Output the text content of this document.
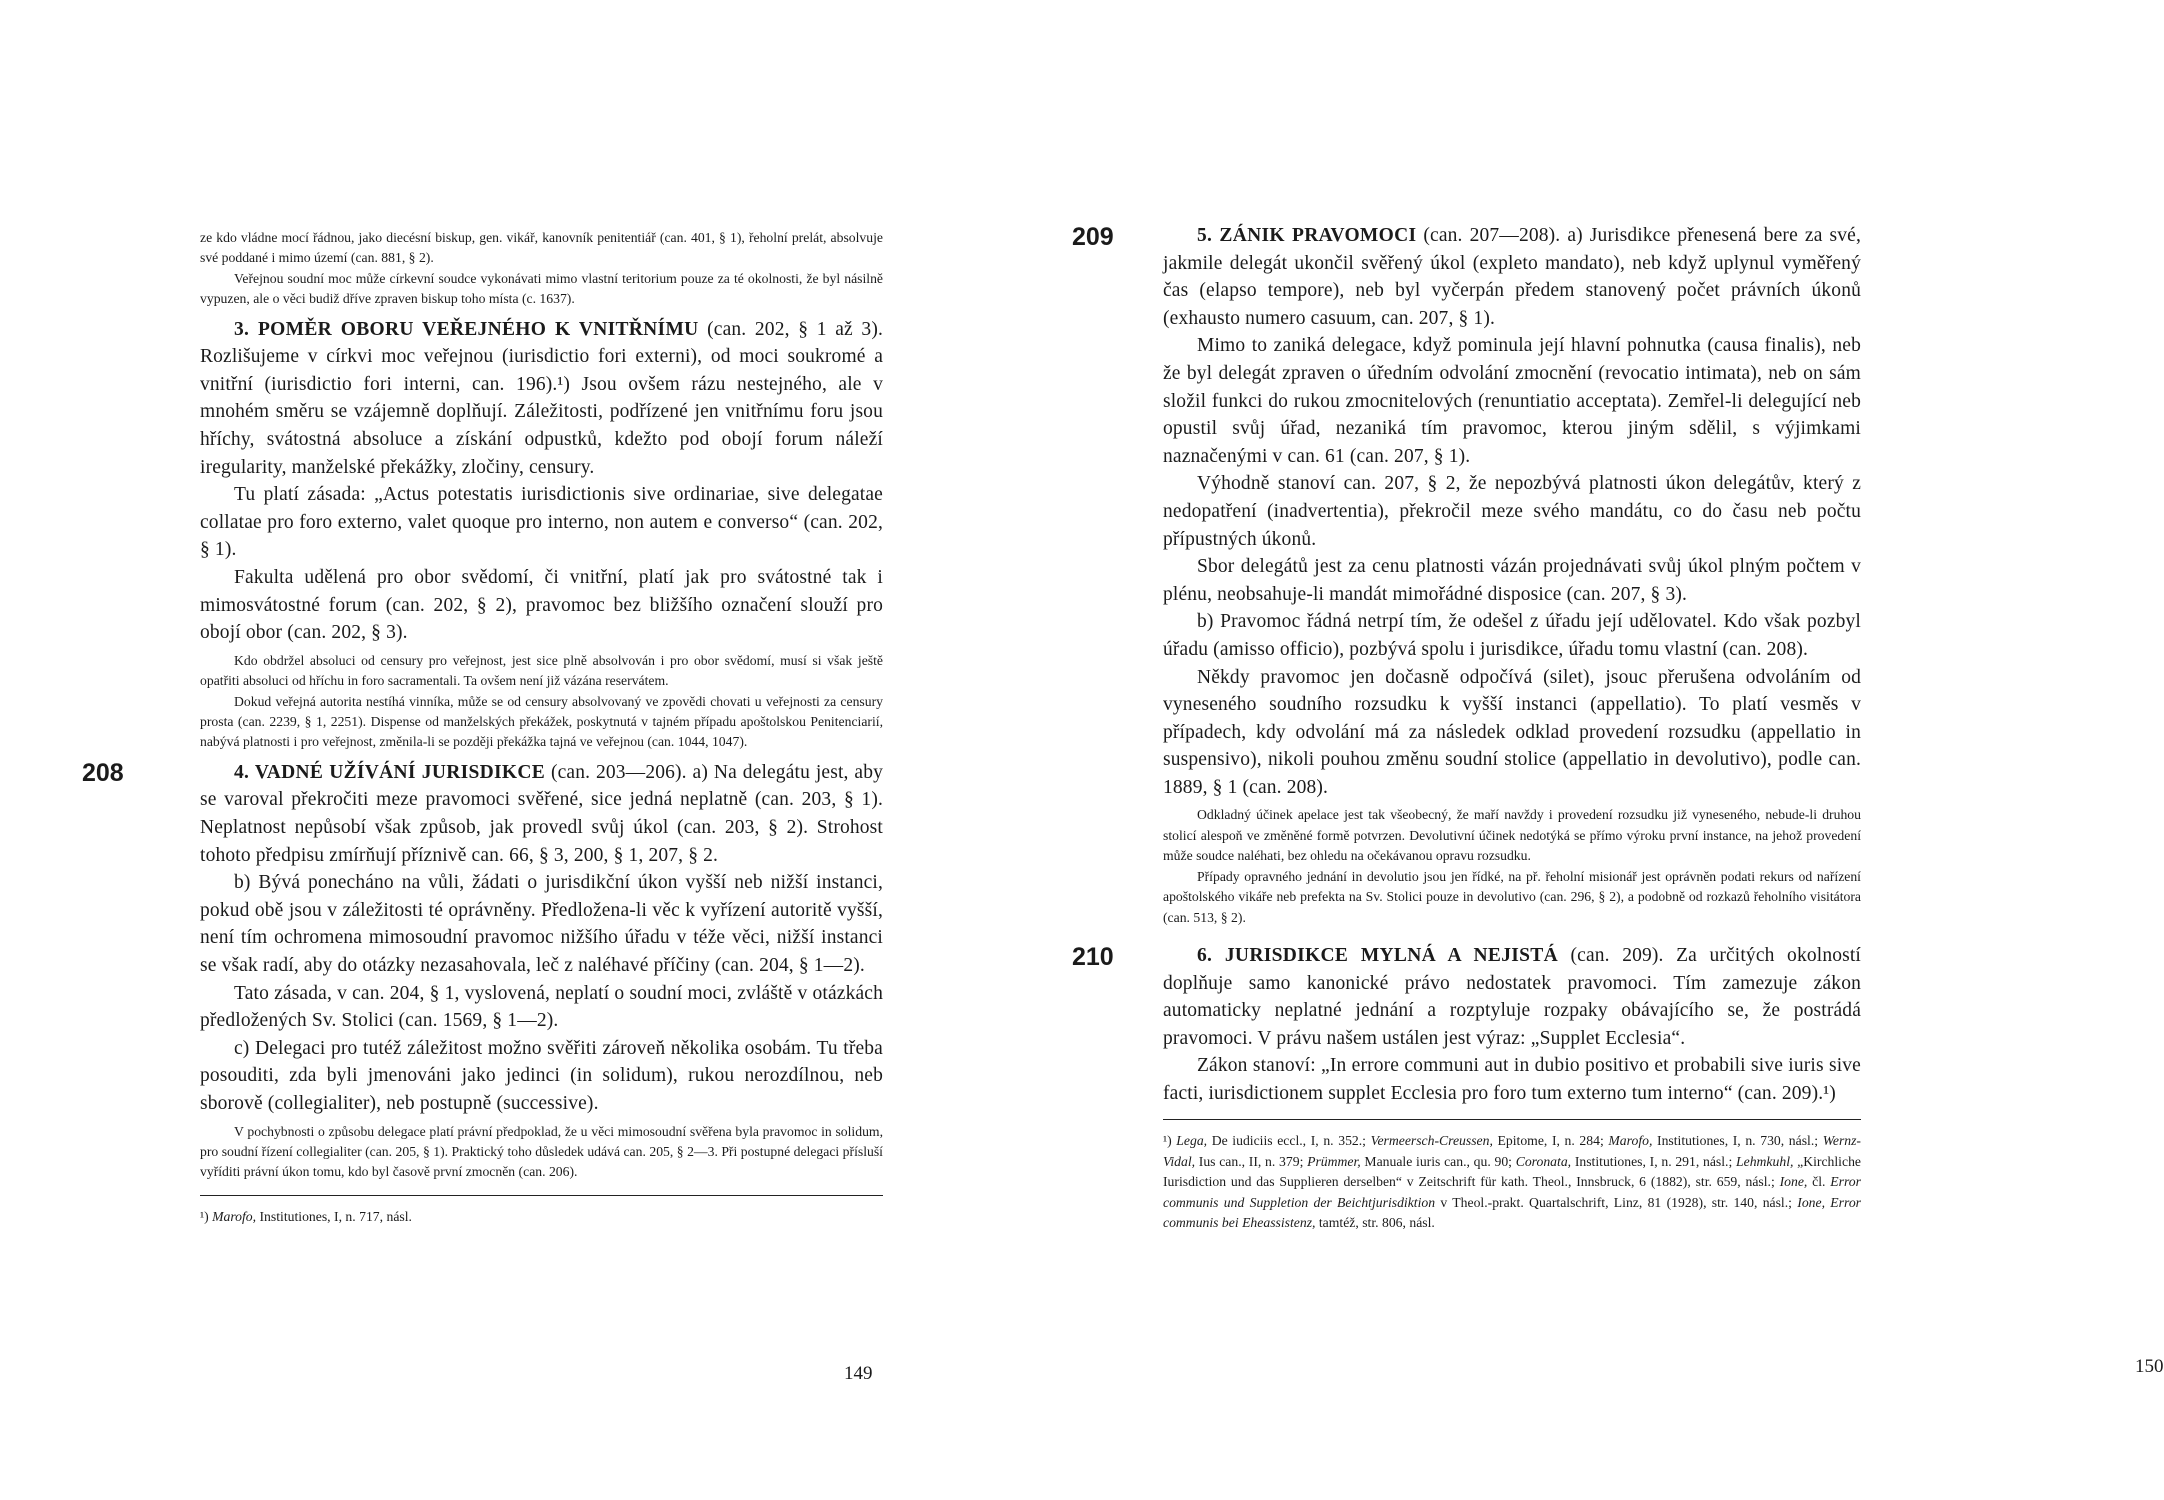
ze kdo vládne mocí řádnou, jako diecésní biskup, gen. vikář, kanovník penitentiář (can. 401, § 1), řeholní prelát, absolvuje své poddané i mimo území (can. 881, § 2).

Veřejnou soudní moc může církevní soudce vykonávati mimo vlastní teritorium pouze za té okolnosti, že byl násilně vypuzen, ale o věci budiž dříve zpraven biskup toho místa (c. 1637).

3. POMĚR OBORU VEŘEJNÉHO K VNITŘNÍMU (can. 202, § 1 až 3). Rozlišujeme v církvi moc veřejnou (iurisdictio fori externi), od moci soukromé a vnitřní (iurisdictio fori interni, can. 196).¹) Jsou ovšem rázu nestejného, ale v mnohém směru se vzájemně doplňují. Záležitosti, podřízené jen vnitřnímu foru jsou hříchy, svátostná absoluce a získání odpustků, kdežto pod obojí forum náleží iregularity, manželské překážky, zločiny, censury.

Tu platí zásada: „Actus potestatis iurisdictionis sive ordinariae, sive delegatae collatae pro foro externo, valet quoque pro interno, non autem e converso“ (can. 202, § 1).

Fakulta udělená pro obor svědomí, či vnitřní, platí jak pro svátostné tak i mimosvátostné forum (can. 202, § 2), pravomoc bez bližšího označení slouží pro obojí obor (can. 202, § 3).

Kdo obdržel absoluci od censury pro veřejnost, jest sice plně absolvován i pro obor svědomí, musí si však ještě opatřiti absoluci od hříchu in foro sacramentali. Ta ovšem není již vázána reservátem.

Dokud veřejná autorita nestíhá vinníka, může se od censury absolvovaný ve zpovědi chovati u veřejnosti za censury prosta (can. 2239, § 1, 2251). Dispense od manželských překážek, poskytnutá v tajném případu apoštolskou Penitenciarií, nabývá platnosti i pro veřejnost, změnila-li se později překážka tajná ve veřejnou (can. 1044, 1047).

208	4. VADNÉ UŽÍVÁNÍ JURISDIKCE (can. 203—206). a) Na delegátu jest, aby se varoval překročiti meze pravomoci svěřené, sice jedná neplatně (can. 203, § 1). Neplatnost nepůsobí však způsob, jak provedl svůj úkol (can. 203, § 2). Strohost tohoto předpisu zmírňují příznivě can. 66, § 3, 200, § 1, 207, § 2.

b) Bývá ponecháno na vůli, žádati o jurisdikční úkon vyšší neb nižší instanci, pokud obě jsou v záležitosti té oprávněny. Předložena-li věc k vyřízení autoritě vyšší, není tím ochromena mimosoudní pravomoc nižšího úřadu v téže věci, nižší instanci se však radí, aby do otázky nezasahovala, leč z naléhavé příčiny (can. 204, § 1—2).

Tato zásada, v can. 204, § 1, vyslovená, neplatí o soudní moci, zvláště v otázkách předložených Sv. Stolici (can. 1569, § 1—2).

c) Delegaci pro tutéž záležitost možno svěřiti zároveň několika osobám. Tu třeba posouditi, zda byli jmenováni jako jedinci (in solidum), rukou nerozdílnou, neb sborově (collegialiter), neb postupně (successive).

V pochybnosti o způsobu delegace platí právní předpoklad, že u věci mimosoudní svěřena byla pravomoc in solidum, pro soudní řízení collegialiter (can. 205, § 1). Praktický toho důsledek udává can. 205, § 2—3. Při postupné delegaci přísluší vyříditi právní úkon tomu, kdo byl časově první zmocněn (can. 206).

¹) Marofo, Institutiones, I, n. 717, násl.

149
209	5. ZÁNIK PRAVOMOCI (can. 207—208). a) Jurisdikce přenesená bere za své, jakmile delegát ukončil svěřený úkol (expleto mandato), neb když uplynul vyměřený čas (elapso tempore), neb byl vyčerpán předem stanovený počet právních úkonů (exhausto numero casuum, can. 207, § 1).

Mimo to zaniká delegace, když pominula její hlavní pohnutka (causa finalis), neb že byl delegát zpraven o úředním odvolání zmocnění (revocatio intimata), neb on sám složil funkci do rukou zmocnitelových (renuntiatio acceptata). Zemřel-li delegující neb opustil svůj úřad, nezaniká tím pravomoc, kterou jiným sdělil, s výjimkami naznačenými v can. 61 (can. 207, § 1).

Výhodně stanoví can. 207, § 2, že nepozbývá platnosti úkon delegátův, který z nedopatření (inadvertentia), překročil meze svého mandátu, co do času neb počtu přípustných úkonů.

Sbor delegátů jest za cenu platnosti vázán projednávati svůj úkol plným počtem v plénu, neobsahuje-li mandát mimořádné disposice (can. 207, § 3).

b) Pravomoc řádná netrpí tím, že odešel z úřadu její udělovatel. Kdo však pozbyl úřadu (amisso officio), pozbývá spolu i jurisdikce, úřadu tomu vlastní (can. 208).

Někdy pravomoc jen dočasně odpočívá (silet), jsouc přerušena odvoláním od vyneseného soudního rozsudku k vyšší instanci (appellatio). To platí vesměs v případech, kdy odvolání má za následek odklad provedení rozsudku (appellatio in suspensivo), nikoli pouhou změnu soudní stolice (appellatio in devolutivo), podle can. 1889, § 1 (can. 208).

Odkladný účinek apelace jest tak všeobecný, že maří navždy i provedení rozsudku již vyneseného, nebude-li druhou stolicí alespoň ve změněné formě potvrzen. Devolutivní účinek nedotýká se přímo výroku první instance, na jehož provedení může soudce naléhati, bez ohledu na očekávanou opravu rozsudku.

Případy opravného jednání in devolutio jsou jen řídké, na př. řeholní misionář jest oprávněn podati rekurs od nařízení apoštolského vikáře neb prefekta na Sv. Stolici pouze in devolutivo (can. 296, § 2), a podobně od rozkazů řeholního visitátora (can. 513, § 2).

210	6. JURISDIKCE MYLNÁ A NEJISTÁ (can. 209). Za určitých okolností doplňuje samo kanonické právo nedostatek pravomoci. Tím zamezuje zákon automaticky neplatné jednání a rozptyluje rozpaky obávajícího se, že postrádá pravomoci. V právu našem ustálen jest výraz: „Supplet Ecclesia“.

Zákon stanoví: „In errore communi aut in dubio positivo et probabili sive iuris sive facti, iurisdictionem supplet Ecclesia pro foro tum externo tum interno“ (can. 209).¹)

¹) Lega, De iudiciis eccl., I, n. 352.; Vermeersch-Creussen, Epitome, I, n. 284; Marofo, Institutiones, I, n. 730, násl.; Wernz-Vidal, Ius can., II, n. 379; Prümmer, Manuale iuris can., qu. 90; Coronata, Institutiones, I, n. 291, násl.; Lehmkuhl, „Kirchliche Iurisdiction und das Supplieren derselben“ v Zeitschrift für kath. Theol., Innsbruck, 6 (1882), str. 659, násl.; Ione, čl. Error communis und Suppletion der Beichtjurisdiktion v Theol.-prakt. Quartalschrift, Linz, 81 (1928), str. 140, násl.; Ione, Error communis bei Eheassistenz, tamtéž, str. 806, násl.

150
